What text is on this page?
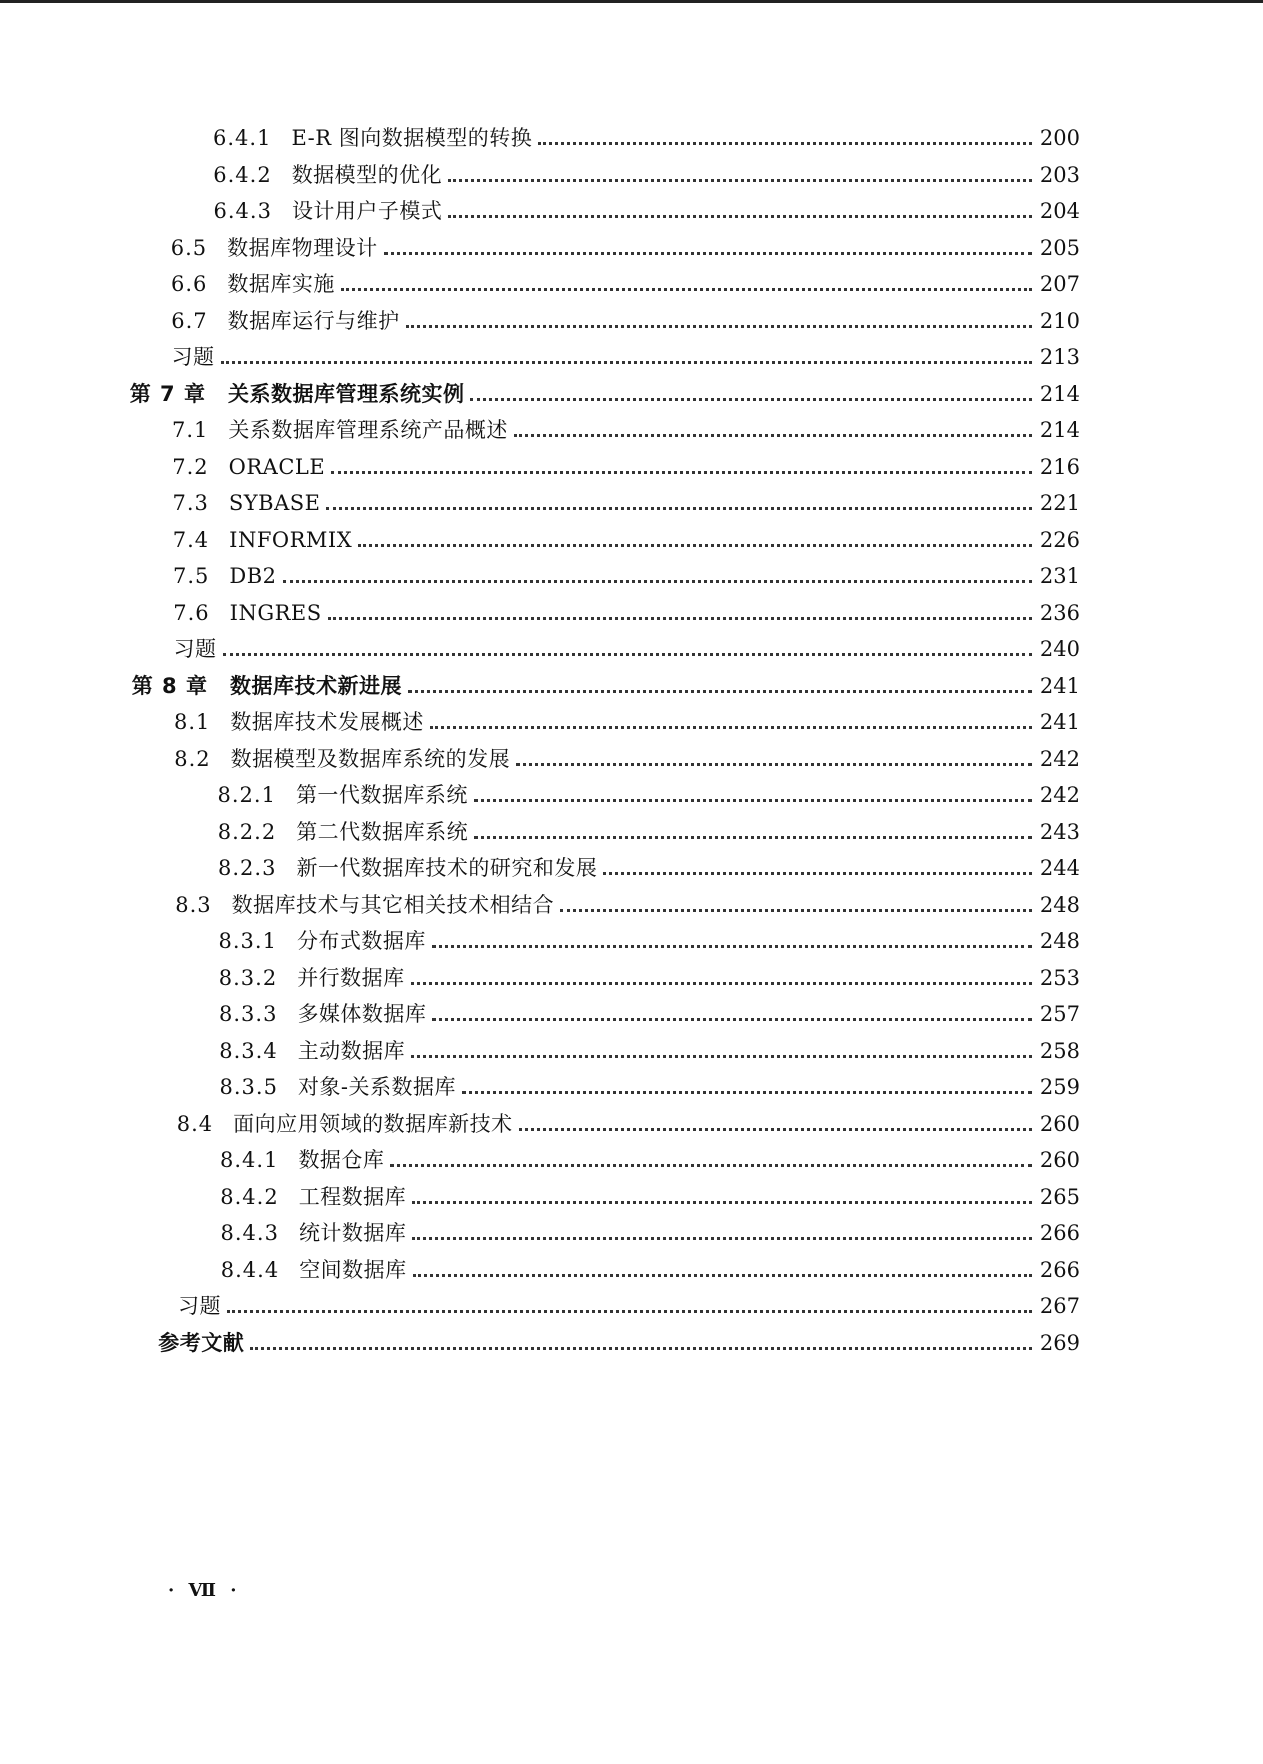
6.4.1 E-R 图向数据模型的转换	200
6.4.2 数据模型的优化	203
6.4.3 设计用户子模式	204
6.5 数据库物理设计	205
6.6 数据库实施	207
6.7 数据库运行与维护	210
习题	213
第 7 章 关系数据库管理系统实例	214
7.1 关系数据库管理系统产品概述	214
7.2 ORACLE	216
7.3 SYBASE	221
7.4 INFORMIX	226
7.5 DB2	231
7.6 INGRES	236
习题	240
第 8 章 数据库技术新进展	241
8.1 数据库技术发展概述	241
8.2 数据模型及数据库系统的发展	242
8.2.1 第一代数据库系统	242
8.2.2 第二代数据库系统	243
8.2.3 新一代数据库技术的研究和发展	244
8.3 数据库技术与其它相关技术相结合	248
8.3.1 分布式数据库	248
8.3.2 并行数据库	253
8.3.3 多媒体数据库	257
8.3.4 主动数据库	258
8.3.5 对象-关系数据库	259
8.4 面向应用领域的数据库新技术	260
8.4.1 数据仓库	260
8.4.2 工程数据库	265
8.4.3 统计数据库	266
8.4.4 空间数据库	266
习题	267
参考文献	269
· Ⅶ ·
